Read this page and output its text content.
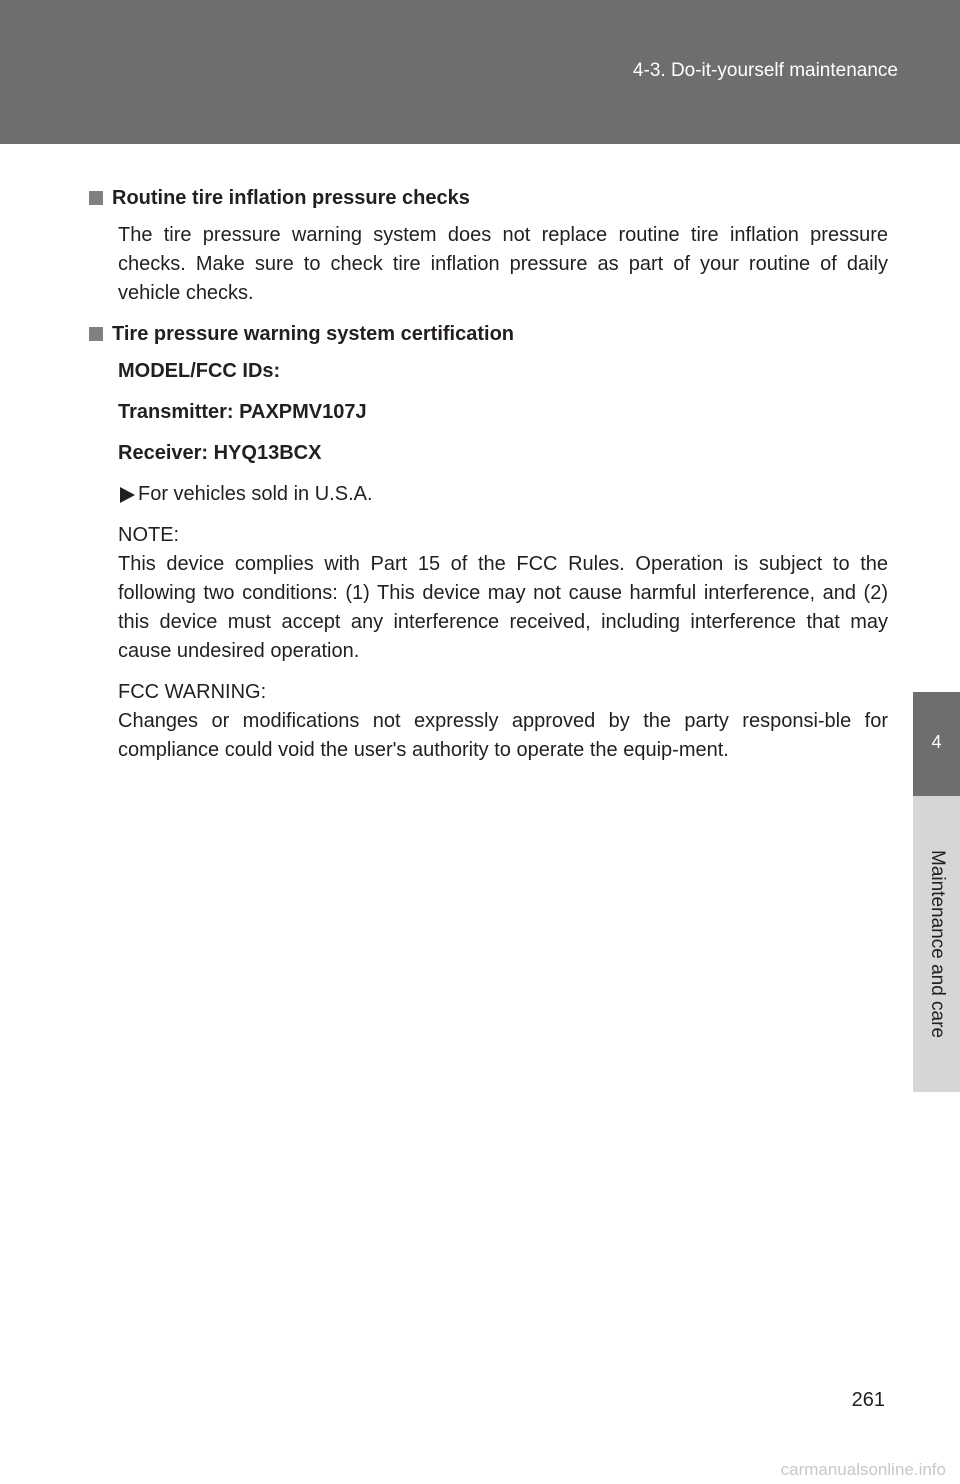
4-3. Do-it-yourself maintenance
4
Maintenance and care
Routine tire inflation pressure checks

The tire pressure warning system does not replace routine tire inflation pressure checks. Make sure to check tire inflation pressure as part of your routine of daily vehicle checks.

Tire pressure warning system certification
MODEL/FCC IDs:
Transmitter: PAXPMV107J
Receiver: HYQ13BCX
For vehicles sold in U.S.A.

NOTE:

This device complies with Part 15 of the FCC Rules. Operation is subject to the following two conditions: (1) This device may not cause harmful interference, and (2) this device must accept any interference received, including interference that may cause undesired operation.

FCC WARNING:

Changes or modifications not expressly approved by the party responsi-ble for compliance could void the user's authority to operate the equip-ment.

261
carmanualsonline.info
